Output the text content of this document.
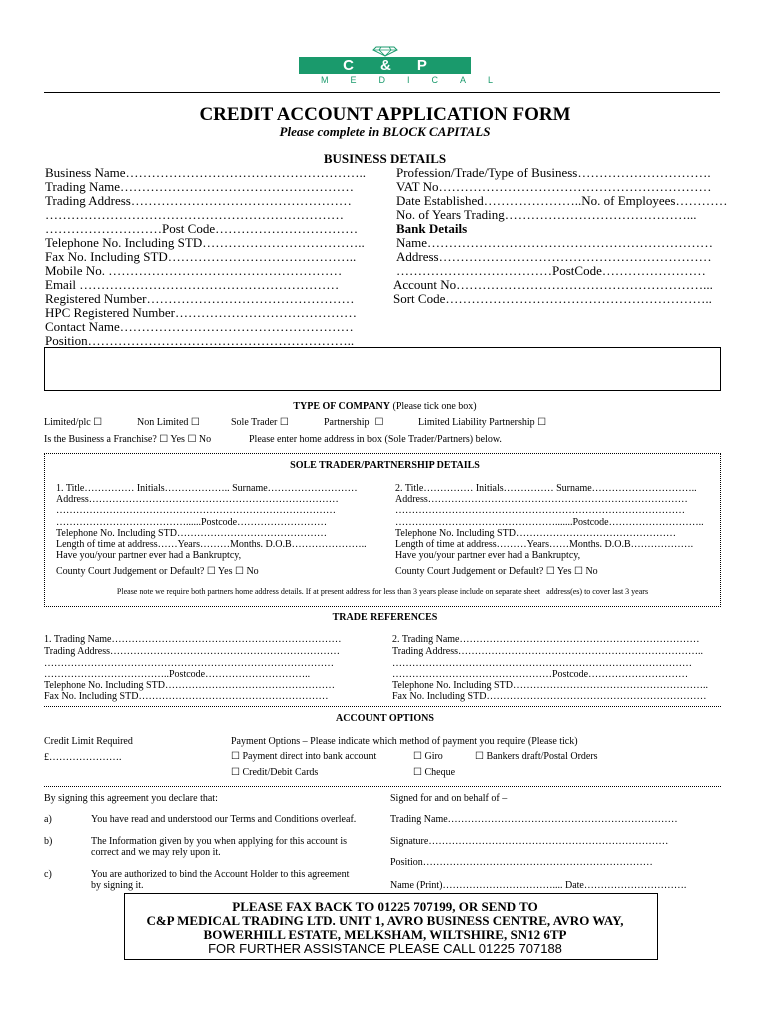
C&P
MEDICAL
CREDIT ACCOUNT APPLICATION FORM
Please complete in BLOCK CAPITALS
BUSINESS DETAILS
Business Name………………………………………………..
Trading Name………………………………………………
Trading Address……………………………………………
……………………………………………………………
………………………Post Code……………………………
Telephone No. Including STD………………………………..
Fax No. Including STD……………………………………..
Mobile No. ………………………………………………
Email ……………………………………………………
Registered Number…………………………………………
HPC Registered Number……………………………………
Contact Name………………………………………………
Position……………………………………………………..
Profession/Trade/Type of Business………………………….
VAT No………………………………………………………
Date Established…………………..No. of Employees…………
No. of Years Trading……………………………………...
Bank Details
Name…………………………………………………………
Address………………………………………………………
………………………………PostCode……………………
Account No…………………………………………………...
Sort Code……………………………………………………..
TYPE OF COMPANY (Please tick one box)
Limited/plc ☐	Non Limited ☐	Sole Trader ☐	Partnership ☐	Limited Liability Partnership ☐
Is the Business a Franchise? ☐ Yes ☐ No	Please enter home address in box (Sole Trader/Partners) below.
SOLE TRADER/PARTNERSHIP DETAILS
1. Title…………… Initials……………….. Surname………………………
Address…………………………………………………………………
…………………………………………………………………………
…………………………………......Postcode………………………
Telephone No. Including STD………………………………………
Length of time at address……Years………Months. D.O.B…………………..
Have you/your partner ever had a Bankruptcy,
County Court Judgement or Default? ☐ Yes ☐ No
2. Title…………… Initials…………… Surname…………………………..
Address……………………………………………………………………
……………………………………………………………………………
………………………………………….......Postcode………………………..
Telephone No. Including STD…………………………………………
Length of time at address………Years……Months. D.O.B……………….
Have you/your partner ever had a Bankruptcy,
County Court Judgement or Default? ☐ Yes ☐ No
Please note we require both partners home address details. If at present address for less than 3 years please include on separate sheet   address(es) to cover last 3 years
TRADE REFERENCES
1. Trading Name……………………………………………………………
Trading Address……………………………………………………………
……………………………………………………………………………
………………………………..Postcode…………………………..
Telephone No. Including STD……………………………………………
Fax No. Including STD…………………………………………………
2. Trading Name………………………………………………………………
Trading Address………………………………………………………………..
………………………………………………………………………………
…………………………………………Postcode…………………………
Telephone No. Including STD…………………………………………………..
Fax No. Including STD…………………………………………………………
ACCOUNT OPTIONS
Credit Limit Required
£………………….
Payment Options – Please indicate which method of payment you require (Please tick)
☐ Payment direct into bank account	☐ Giro	☐ Bankers draft/Postal Orders
☐ Credit/Debit Cards	☐ Cheque
By signing this agreement you declare that:	Signed for and on behalf of –
a)	You have read and understood our Terms and Conditions overleaf.	Trading Name……………………………………………………………
b)	The Information given by you when applying for this account is
correct and we may rely upon it.
Signature………………………………………………………………
Position……………………………………………………………
c)	You are authorized to bind the Account Holder to this agreement
by signing it.	Name (Print)…………………………….... Date………………………….
PLEASE FAX BACK TO 01225 707199, OR SEND TO
C&P MEDICAL TRADING LTD. UNIT 1, AVRO BUSINESS CENTRE, AVRO WAY,
BOWERHILL ESTATE, MELKSHAM, WILTSHIRE, SN12 6TP
FOR FURTHER ASSISTANCE PLEASE CALL 01225 707188
